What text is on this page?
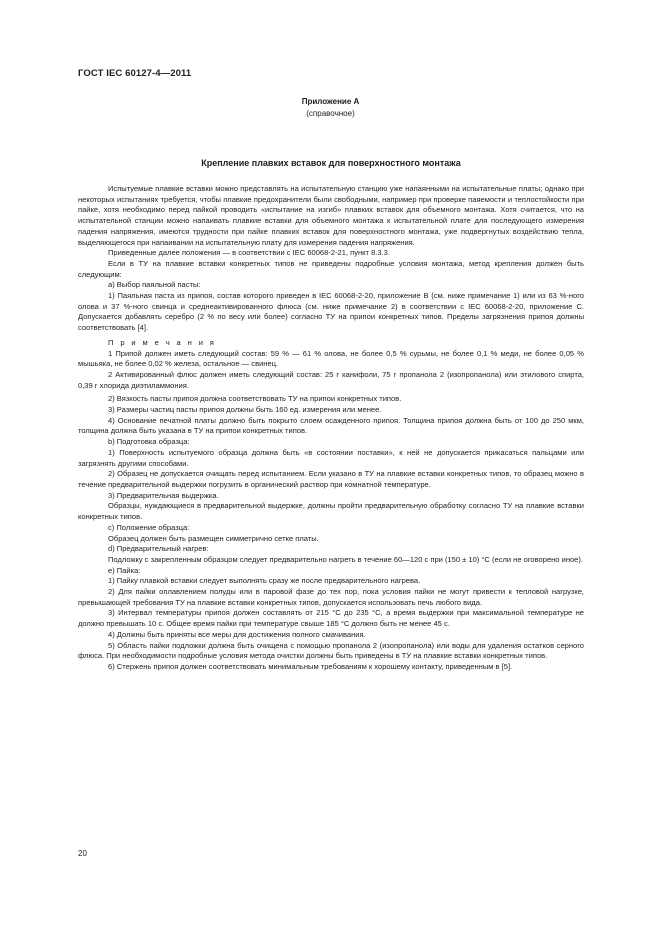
ГОСТ IEC 60127-4—2011
Приложение А
(справочное)
Крепление плавких вставок для поверхностного монтажа

Испытуемые плавкие вставки можно представлять на испытательную станцию уже напаянными на испытательные платы; однако при некоторых испытаниях требуется, чтобы плавкие предохранители были свободными, например при проверке паяемости и теплостойкости при пайке, хотя необходимо перед пайкой проводить «испытание на изгиб» плавких вставок для объемного монтажа. Хотя считается, что на испытательной станции можно напаивать плавкие вставки для объемного монтажа к испытательной плате для последующего измерения падения напряжения, имеются трудности при пайке плавких вставок для поверхностного монтажа, уже подвергнутых воздействию тепла, выделяющегося при напаивании на испытательную плату для измерения падения напряжения.

Приведенные далее положения — в соответствии с IEC 60068-2-21, пункт 8.3.3.

Если в ТУ на плавкие вставки конкретных типов не приведены подробные условия монтажа, метод крепления должен быть следующим:

a) Выбор паяльной пасты:

1) Паяльная паста из припоя, состав которого приведен в IEC 60068-2-20, приложение В (см. ниже примечание 1) или из 63 %-ного олова и 37 %-ного свинца и среднеактивированного флюса (см. ниже примечание 2) в соответствии с IEC 60068-2-20, приложение С. Допускается добавлять серебро (2 % по весу или более) согласно ТУ на припои конкретных типов. Пределы загрязнения припоя должны соответствовать [4].

П р и м е ч а н и я

1 Припой должен иметь следующий состав: 59 % — 61 % олова, не более 0,5 % сурьмы, не более 0,1 % меди, не более 0,05 % мышьяка, не более 0,02 % железа, остальное — свинец.

2 Активированный флюс должен иметь следующий состав: 25 г канифоли, 75 г пропанола 2 (изопропанола) или этилового спирта, 0,39 г хлорида диэтиламмония.

2) Вязкость пасты припоя должна соответствовать ТУ на припои конкретных типов.

3) Размеры частиц пасты припоя должны быть 160 ед. измерения или менее.

4) Основание печатной платы должно быть покрыто слоем осажденного припоя. Толщина припоя должна быть от 100 до 250 мкм, толщина должна быть указана в ТУ на припои конкретных типов.

b) Подготовка образца:

1) Поверхность испытуемого образца должна быть «в состоянии поставки», к ней не допускается прикасаться пальцами или загрязнять другими способами.

2) Образец не допускается очищать перед испытанием. Если указано в ТУ на плавкие вставки конкретных типов, то образец можно в течение предварительной выдержки погрузить в органический раствор при комнатной температуре.

3) Предварительная выдержка.

Образцы, нуждающиеся в предварительной выдержке, должны пройти предварительную обработку согласно ТУ на плавкие вставки конкретных типов.

c) Положение образца:

Образец должен быть размещен симметрично сетке платы.

d) Предварительный нагрев:

Подложку с закрепленным образцом следует предварительно нагреть в течение 60—120 с при (150 ± 10) °С (если не оговорено иное).

e) Пайка:

1) Пайку плавкой вставки следует выполнять сразу же после предварительного нагрева.

2) Для пайки оплавлением полуды или в паровой фазе до тех пор, пока условия пайки не могут привести к тепловой нагрузке, превышающей требования ТУ на плавкие вставки конкретных типов, допускается использовать печь любого вида.

3) Интервал температуры припоя должен составлять от 215 °С до 235 °С, а время выдержки при максимальной температуре не должно превышать 10 с. Общее время пайки при температуре свыше 185 °С должно быть не менее 45 с.

4) Должны быть приняты все меры для достижения полного смачивания.

5) Область пайки подложки должна быть очищена с помощью пропанола 2 (изопропанола) или воды для удаления остатков серного флюса. При необходимости подробные условия метода очистки должны быть приведены в ТУ на плавкие вставки конкретных типов.

6) Стержень припоя должен соответствовать минимальным требованиям к хорошему контакту, приведенным в [5].

20
